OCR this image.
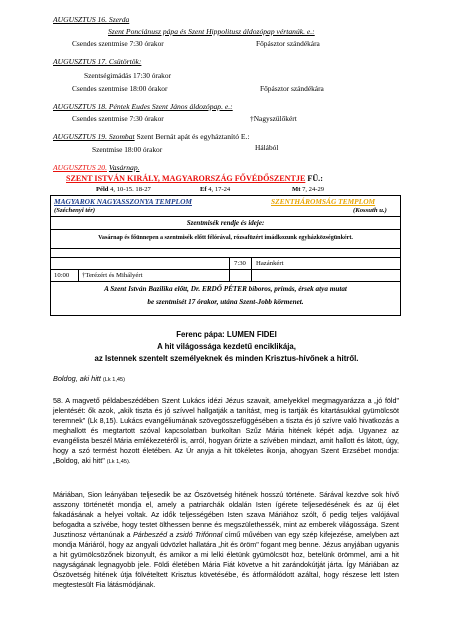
AUGUSZTUS 16. Szerda
Szent Ponciánusz pápa és Szent Hippolitusz áldozópap vértanúk. e.:
Csendes szentmise 7:30 órakor	Főpásztor szándékára
AUGUSZTUS 17. Csütörtök:
Szentségimádás 17:30 órakor
Csendes szentmise 18:00 órakor	Főpásztor szándékára
AUGUSZTUS 18. Péntek Eudes Szent János áldozópap. e.:
Csendes szentmise 7:30 órakor	†Nagyszülőkért
AUGUSZTUS 19. Szombat Szent Bernát apát és egyháztanító E.:
Szentmise 18:00 órakor	Hálából
AUGUSZTUS 20. Vasárnap.
SZENT ISTVÁN KIRÁLY, MAGYARORSZÁG FŐVÉDŐSZENTJE FÜ.:
Péld 4, 10-15. 18-27	Ef 4, 17-24	Mt 7, 24-29
MAGYAROK NAGYASSZONYA TEMPLOM	SZENTHÁROMSÁG TEMPLOM
(Széchenyi tér)	(Kossuth u.)
Szentmisék rendje és ideje:
Vasárnap és főünnepen a szentmisék előtt félórával, rózsafüzért imádkozunk egyházközségünkért.
7:30 Hazánkért
10:00 †Terézért és Mihályért
A Szent István Bazilika előtt, Dr. ERDŐ PÉTER bíboros, prímás, érsek atya mutat
be szentmisét 17 órakor, utána Szent-Jobb körmenet.
Ferenc pápa: LUMEN FIDEI
A hit világossága kezdetű enciklikája,
az Istennek szentelt személyeknek és minden Krisztus-hívőnek a hitről.
Boldog, aki hitt (Lk 1,45)

58. A magvető példabeszédében Szent Lukács idézi Jézus szavait, amelyekkel megmagyarázza a „jó föld" jelentését: ők azok, „akik tiszta és jó szívvel hallgatják a tanítást, meg is tartják és kitartásukkal gyümölcsöt teremnek" (Lk 8,15). Lukács evangéliumának szövegösszefüggésében a tiszta és jó szívre való hivatkozás a meghallott és megtartott szóval kapcsolatban burkoltan Szűz Mária hitének képét adja. Ugyanez az evangélista beszél Mária emlékezetéről is, arról, hogyan őrizte a szívében mindazt, amit hallott és látott, úgy, hogy a szó termést hozott életében. Az Úr anyja a hit tökéletes ikonja, ahogyan Szent Erzsébet mondja: „Boldog, aki hitt" (Lk 1,45).

Máriában, Sion leányában teljesedik be az Ószövetség hitének hosszú története. Sárával kezdve sok hívő asszony történetét mondja el, amely a patriarchák oldalán Isten ígérete teljesedésének és az új élet fakadásának a helyei voltak. Az idők teljességében Isten szava Máriához szólt, ő pedig teljes valójával befogadta a szívébe, hogy testet ölthessen benne és megszülethessék, mint az emberek világossága. Szent Jusztinosz vértanúnak a Párbeszéd a zsidó Trifónnal című művében van egy szép kifejezése, amelyben azt mondja Máriáról, hogy az angyali üdvözlet hallatára „hit és öröm" fogant meg benne. Jézus anyjában ugyanis a hit gyümölcsözőnek bizonyult, és amikor a mi lelki életünk gyümölcsöt hoz, betelünk örömmel, ami a hit nagyságának legnagyobb jele. Földi életében Mária Fiát követve a hit zarándokútját járta. Így Máriában az Ószövetség hitének útja fölvételtett Krisztus követésébe, és átformálódott azáltal, hogy részese lett Isten megtestesült Fia látásmódjának.
